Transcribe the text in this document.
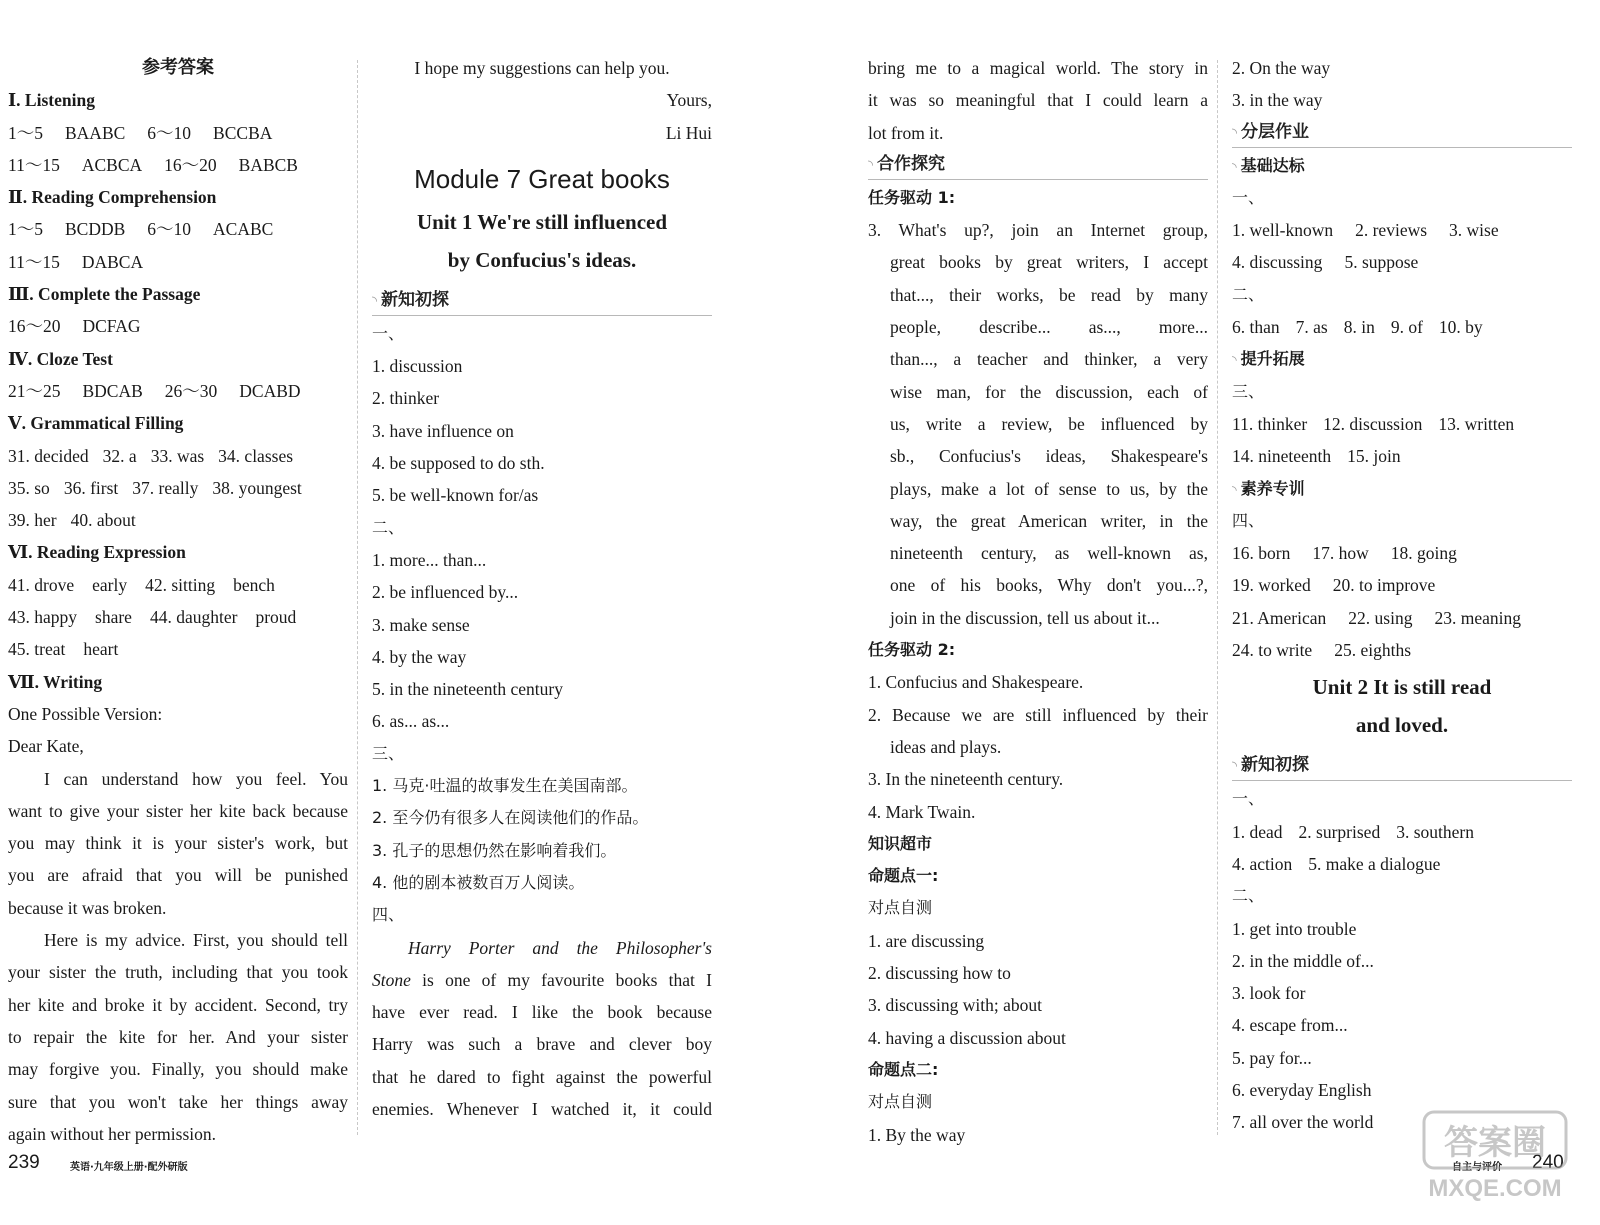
参考答案
Ⅰ. Listening
1～5 BAABC 6～10 BCCBA
11～15 ACBCA 16～20 BABCB
Ⅱ. Reading Comprehension
1～5 BCDDB 6～10 ACABC
11～15 DABCA
Ⅲ. Complete the Passage
16～20 DCFAG
Ⅳ. Cloze Test
21～25 BDCAB 26～30 DCABD
Ⅴ. Grammatical Filling
31. decided 32. a 33. was 34. classes
35. so 36. first 37. really 38. youngest
39. her 40. about
Ⅵ. Reading Expression
41. drove early 42. sitting bench
43. happy share 44. daughter proud
45. treat heart
Ⅶ. Writing
One Possible Version:
Dear Kate,
I can understand how you feel. You
want to give your sister her kite back because
you may think it is your sister's work, but
you are afraid that you will be punished
because it was broken.
Here is my advice. First, you should tell
your sister the truth, including that you took
her kite and broke it by accident. Second, try
to repair the kite for her. And your sister
may forgive you. Finally, you should make
sure that you won't take her things away
again without her permission.
I hope my suggestions can help you.
Yours,
Li Hui
Module 7 Great books
Unit 1 We're still influenced
by Confucius's ideas.
◝ 新知初探
一、
1. discussion
2. thinker
3. have influence on
4. be supposed to do sth.
5. be well-known for/as
二、
1. more... than...
2. be influenced by...
3. make sense
4. by the way
5. in the nineteenth century
6. as... as...
三、
1. 马克·吐温的故事发生在美国南部。
2. 至今仍有很多人在阅读他们的作品。
3. 孔子的思想仍然在影响着我们。
4. 他的剧本被数百万人阅读。
四、
Harry Porter and the Philosopher's
Stone is one of my favourite books that I
have ever read. I like the book because
Harry was such a brave and clever boy
that he dared to fight against the powerful
enemies. Whenever I watched it, it could
bring me to a magical world. The story in
it was so meaningful that I could learn a
lot from it.
◝ 合作探究
任务驱动 1:
3. What's up?, join an Internet group,
great books by great writers, I accept
that..., their works, be read by many
people, describe... as..., more...
than..., a teacher and thinker, a very
wise man, for the discussion, each of
us, write a review, be influenced by
sb., Confucius's ideas, Shakespeare's
plays, make a lot of sense to us, by the
way, the great American writer, in the
nineteenth century, as well-known as,
one of his books, Why don't you...?,
join in the discussion, tell us about it...
任务驱动 2:
1. Confucius and Shakespeare.
2. Because we are still influenced by their
ideas and plays.
3. In the nineteenth century.
4. Mark Twain.
知识超市
命题点一:
对点自测
1. are discussing
2. discussing how to
3. discussing with; about
4. having a discussion about
命题点二:
对点自测
1. By the way
2. On the way
3. in the way
◝ 分层作业
◝ 基础达标
一、
1. well-known 2. reviews 3. wise
4. discussing 5. suppose
二、
6. than 7. as 8. in 9. of 10. by
◝ 提升拓展
三、
11. thinker 12. discussion 13. written
14. nineteenth 15. join
◝ 素养专训
四、
16. born 17. how 18. going
19. worked 20. to improve
21. American 22. using 23. meaning
24. to write 25. eighths
Unit 2 It is still read
and loved.
◝ 新知初探
一、
1. dead 2. surprised 3. southern
4. action 5. make a dialogue
二、
1. get into trouble
2. in the middle of...
3. look for
4. escape from...
5. pay for...
6. everyday English
7. all over the world
239	英语·九年级上册·配外研版	自主与评价 240
答案圈
MXQE.COM
